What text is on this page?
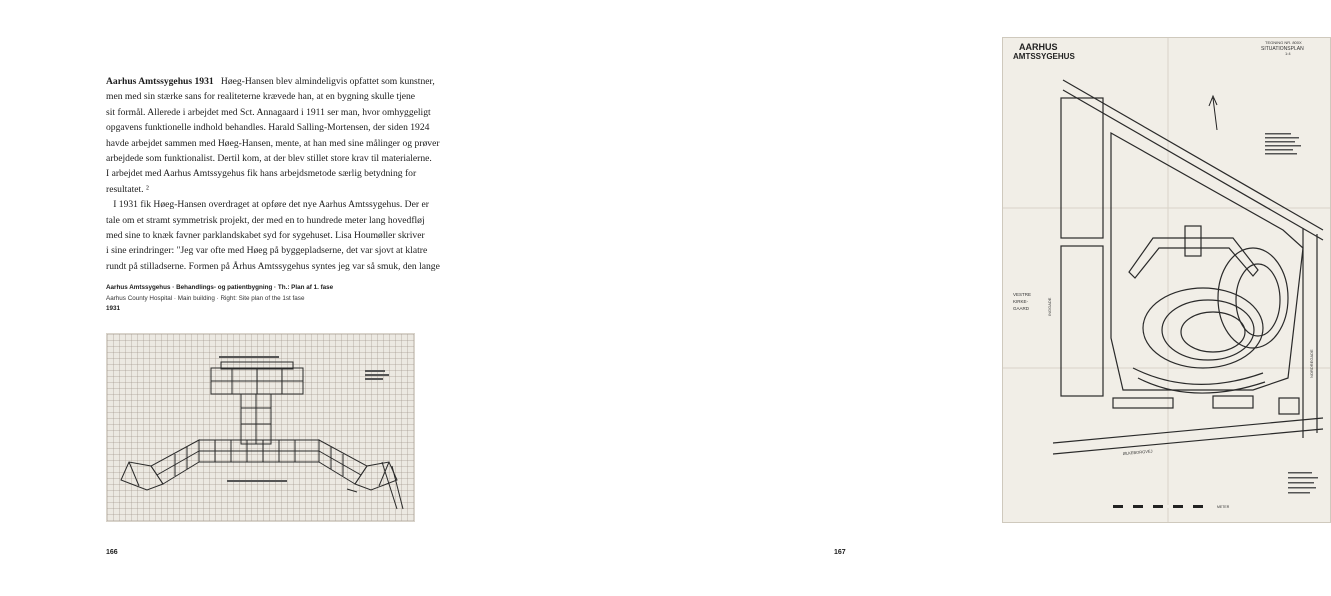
Aarhus Amtssygehus 1931 Høeg-Hansen blev almindeligvis opfattet som kunstner,
men med sin stærke sans for realiteterne krævede han, at en bygning skulle tjene
sit formål. Allerede i arbejdet med Sct. Annagaard i 1911 ser man, hvor omhyggeligt
opgavens funktionelle indhold behandles. Harald Salling-Mortensen, der siden 1924
havde arbejdet sammen med Høeg-Hansen, mente, at han med sine målinger og prøver
arbejdede som funktionalist. Dertil kom, at der blev stillet store krav til materialerne.
I arbejdet med Aarhus Amtssygehus fik hans arbejdsmetode særlig betydning for
resultatet. ²
I 1931 fik Høeg-Hansen overdraget at opføre det nye Aarhus Amtssygehus. Der er
tale om et stramt symmetrisk projekt, der med en to hundrede meter lang hovedfløj
med sine to knæk favner parklandskabet syd for sygehuset. Lisa Houmøller skriver
i sine erindringer: "Jeg var ofte med Høeg på byggepladserne, det var sjovt at klatre
rundt på stilladserne. Formen på Århus Amtssygehus syntes jeg var så smuk, den lange
Aarhus Amtssygehus · Behandlings- og patientbygning · Th.: Plan af 1. fase
Aarhus County Hospital · Main building · Right: Site plan of the 1st fase
1931
166
AARHUS
AMTSSYGEHUS
TEGNING NR. 800X
SITUATIONSPLAN
1:4
METER
VESTRE
KIRKE-
GAARD	INGGADE
NORDREGADE
ØLKEBORGVEJ
167
